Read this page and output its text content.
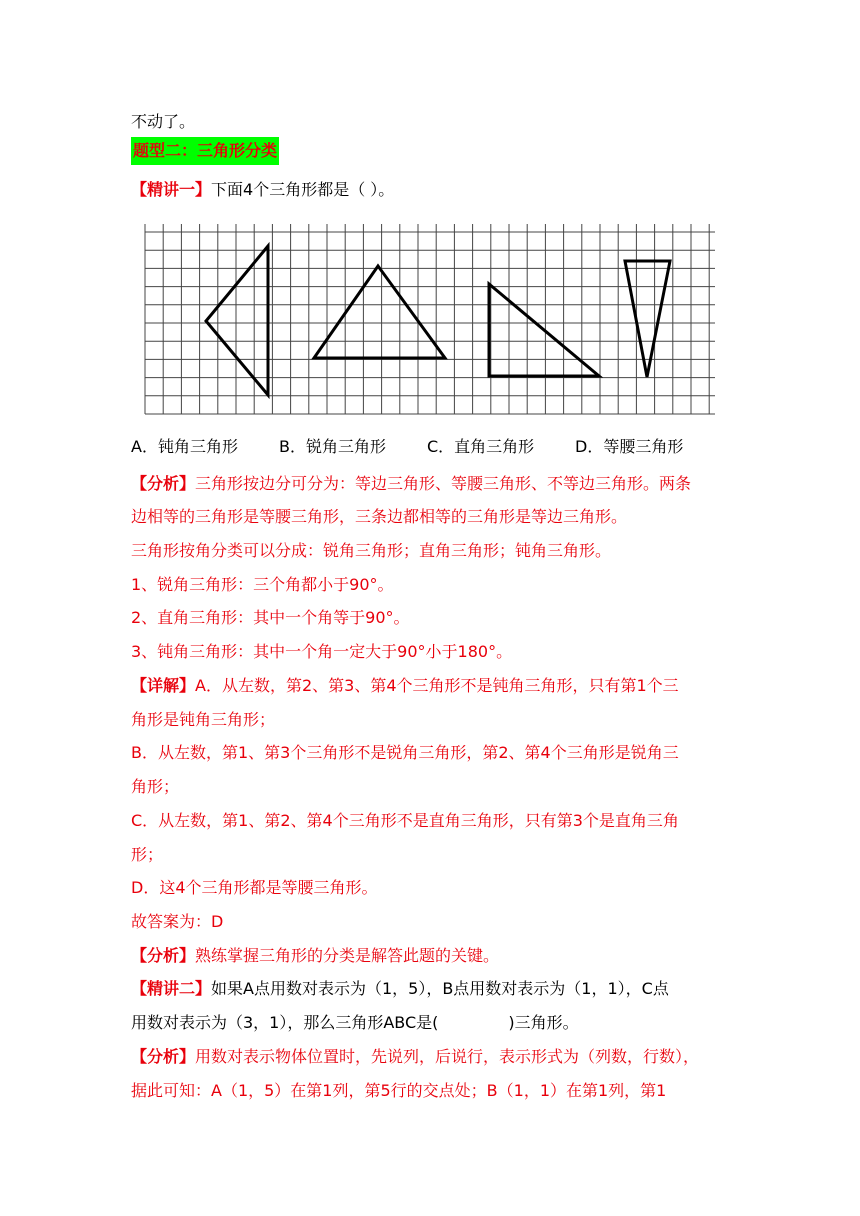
不动了。
题型二：三角形分类
【精讲一】下面4个三角形都是（ ）。
A．钝角三角形	B．锐角三角形	C．直角三角形	D．等腰三角形
【分析】三角形按边分可分为：等边三角形、等腰三角形、不等边三角形。两条
边相等的三角形是等腰三角形，三条边都相等的三角形是等边三角形。
三角形按角分类可以分成：锐角三角形；直角三角形；钝角三角形。
1、锐角三角形：三个角都小于90°。
2、直角三角形：其中一个角等于90°。
3、钝角三角形：其中一个角一定大于90°小于180°。
【详解】A．从左数，第2、第3、第4个三角形不是钝角三角形，只有第1个三
角形是钝角三角形；
B．从左数，第1、第3个三角形不是锐角三角形，第2、第4个三角形是锐角三
角形；
C．从左数，第1、第2、第4个三角形不是直角三角形，只有第3个是直角三角
形；
D．这4个三角形都是等腰三角形。
故答案为：D
【分析】熟练掌握三角形的分类是解答此题的关键。
【精讲二】如果A点用数对表示为（1，5），B点用数对表示为（1，1），C点
用数对表示为（3，1），那么三角形ABC是(	)三角形。
【分析】用数对表示物体位置时，先说列，后说行，表示形式为（列数，行数），
据此可知：A（1，5）在第1列，第5行的交点处；B（1，1）在第1列，第1
